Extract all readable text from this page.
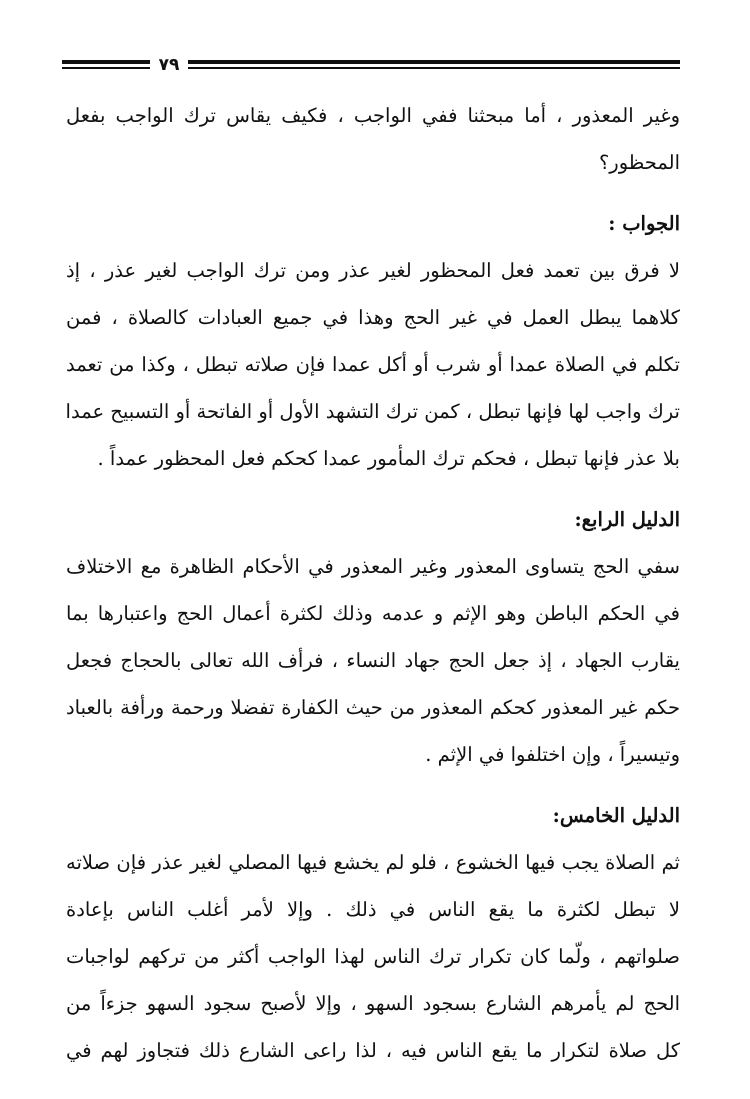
٧٩
وغير المعذور ، أما مبحثنا ففي الواجب ، فكيف يقاس ترك الواجب بفعل
المحظور؟
الجواب :
لا فرق بين تعمد فعل المحظور لغير عذر ومن ترك الواجب لغير عذر ، إذ
كلاهما يبطل العمل في غير الحج وهذا في جميع العبادات كالصلاة ، فمن
تكلم في الصلاة عمدا أو شرب أو أكل عمدا فإن صلاته تبطل ، وكذا من تعمد
ترك واجب لها فإنها تبطل ، كمن ترك التشهد الأول أو الفاتحة أو التسبيح عمدا
بلا عذر فإنها تبطل ، فحكم ترك المأمور عمدا كحكم فعل المحظور عمداً .
الدليل الرابع:
سفي الحج يتساوى المعذور وغير المعذور في الأحكام الظاهرة مع الاختلاف
في الحكم الباطن وهو الإثم و عدمه وذلك لكثرة أعمال الحج واعتبارها بما
يقارب الجهاد ، إذ جعل الحج جهاد النساء ، فرأف الله تعالى بالحجاج فجعل
حكم غير المعذور كحكم المعذور من حيث الكفارة تفضلا ورحمة ورأفة بالعباد
وتيسيراً ، وإن اختلفوا في الإثم .
الدليل الخامس:
ثم الصلاة يجب فيها الخشوع ، فلو لم يخشع فيها المصلي لغير عذر فإن صلاته
لا تبطل لكثرة ما يقع الناس في ذلك . وإلا لأمر أغلب الناس بإعادة
صلواتهم ، ولّما كان تكرار ترك الناس لهذا الواجب أكثر من تركهم لواجبات
الحج لم يأمرهم الشارع بسجود السهو ، وإلا لأصبح سجود السهو جزءاً من
كل صلاة لتكرار ما يقع الناس فيه ، لذا راعى الشارع ذلك فتجاوز لهم في
